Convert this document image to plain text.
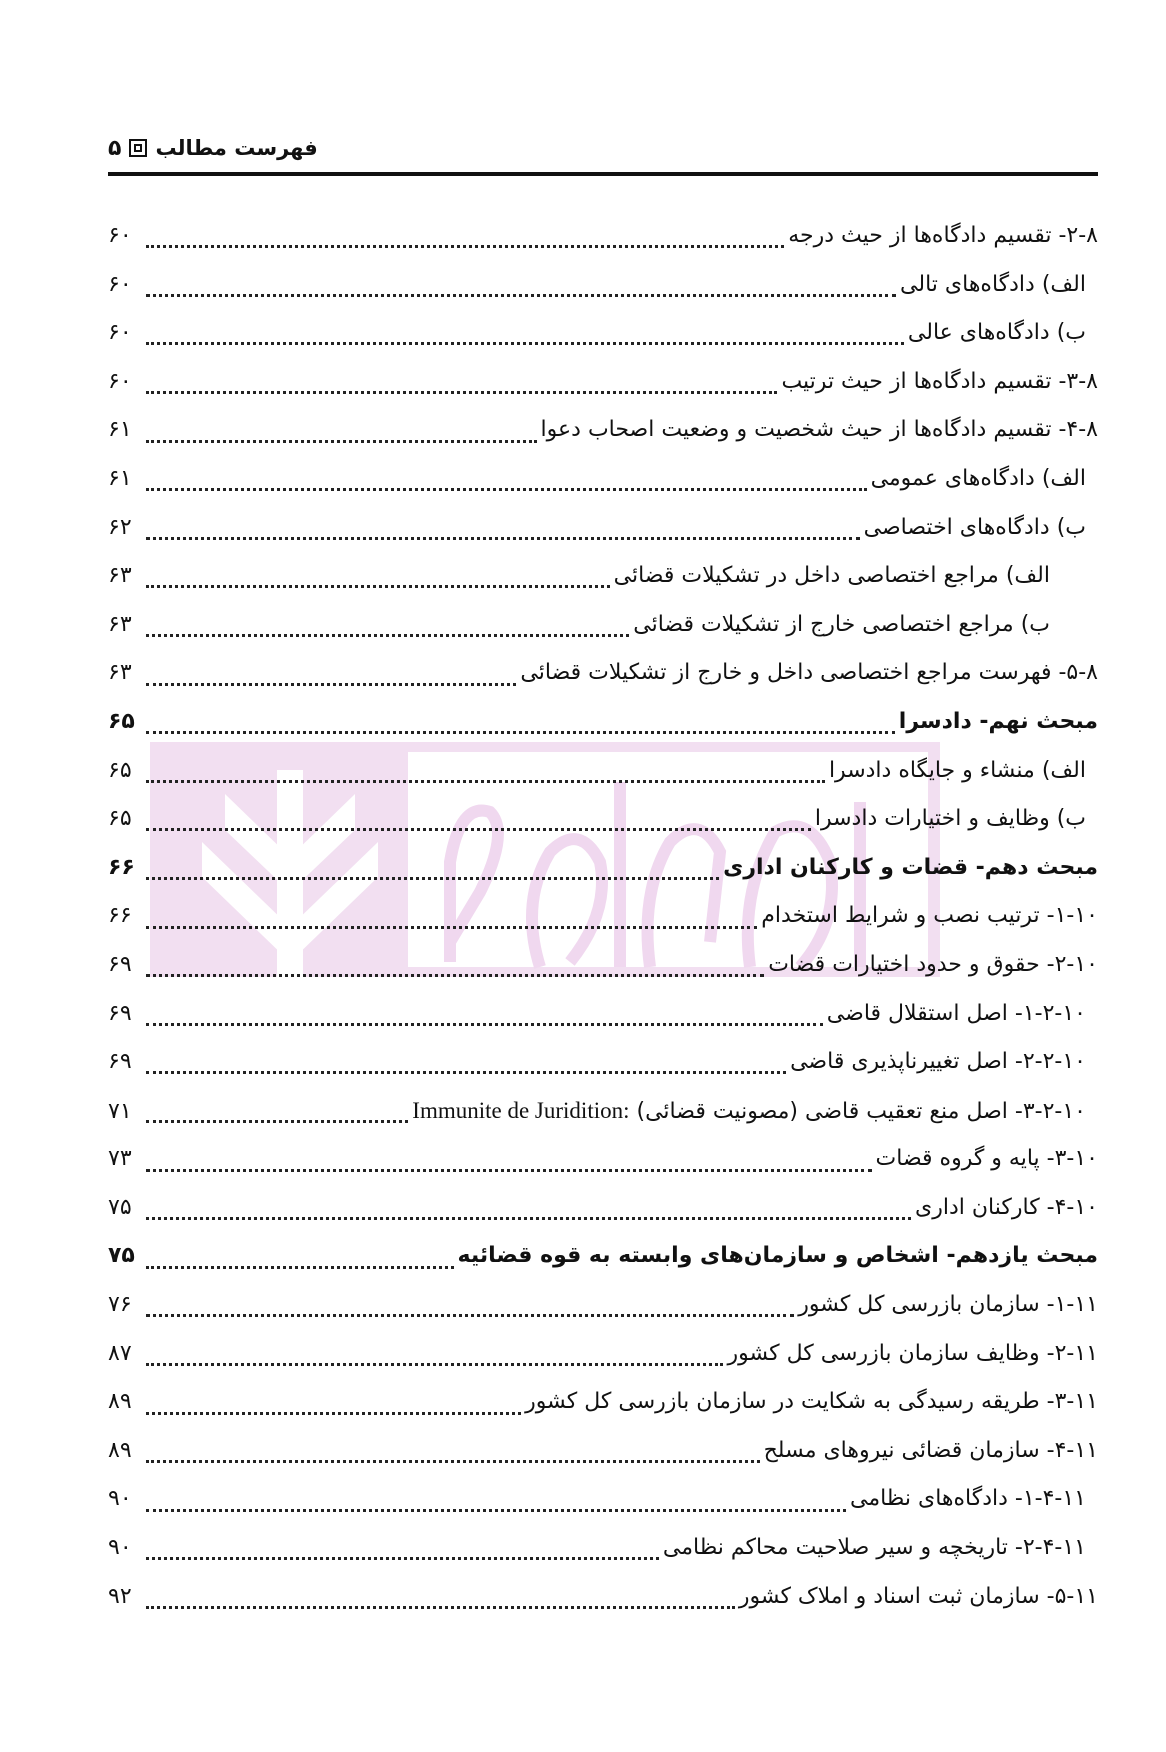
۵ فهرست مطالب
۲-۸- تقسیم دادگاه‌ها از حیث درجه
۶۰
الف) دادگاه‌های تالی
۶۰
ب) دادگاه‌های عالی
۶۰
۳-۸- تقسیم دادگاه‌ها از حیث ترتیب
۶۰
۴-۸- تقسیم دادگاه‌ها از حیث شخصیت و وضعیت اصحاب دعوا
۶۱
الف) دادگاه‌های عمومی
۶۱
ب) دادگاه‌های اختصاصی
۶۲
الف) مراجع اختصاصی داخل در تشکیلات قضائی
۶۳
ب) مراجع اختصاصی خارج از تشکیلات قضائی
۶۳
۵-۸- فهرست مراجع اختصاصی داخل و خارج از تشکیلات قضائی
۶۳
مبحث نهم- دادسرا
۶۵
الف) منشاء و جایگاه دادسرا
۶۵
ب) وظایف و اختیارات دادسرا
۶۵
مبحث دهم- قضات و کارکنان اداری
۶۶
۱-۱۰- ترتیب نصب و شرایط استخدام
۶۶
۲-۱۰- حقوق و حدود اختیارات قضات
۶۹
۱-۲-۱۰- اصل استقلال قاضی
۶۹
۲-۲-۱۰- اصل تغییرناپذیری قاضی
۶۹
۳-۲-۱۰- اصل منع تعقیب قاضی (مصونیت قضائی)

Immunite de Juridition:
۷۱
۳-۱۰- پایه و گروه قضات
۷۳
۴-۱۰- کارکنان اداری
۷۵
مبحث یازدهم- اشخاص و سازمان‌های وابسته به قوه قضائیه
۷۵
۱-۱۱- سازمان بازرسی کل کشور
۷۶
۲-۱۱- وظایف سازمان بازرسی کل کشور
۸۷
۳-۱۱- طریقه رسیدگی به شکایت در سازمان بازرسی کل کشور
۸۹
۴-۱۱- سازمان قضائی نیروهای مسلح
۸۹
۱-۴-۱۱- دادگاه‌های نظامی
۹۰
۲-۴-۱۱- تاریخچه و سیر صلاحیت محاکم نظامی
۹۰
۵-۱۱- سازمان ثبت اسناد و املاک کشور
۹۲
